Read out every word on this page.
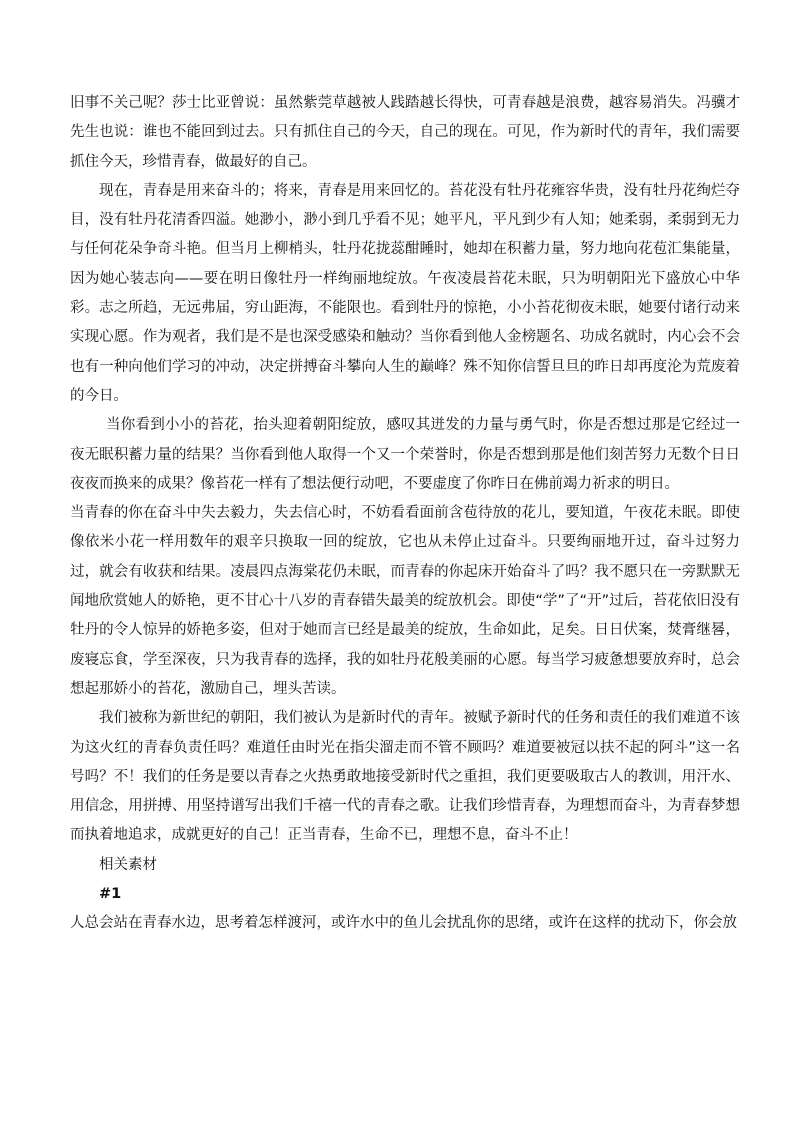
旧事不关己呢？莎士比亚曾说：虽然紫莞草越被人践踏越长得快，可青春越是浪费，越容易消失。冯骥才先生也说：谁也不能回到过去。只有抓住自己的今天，自己的现在。可见，作为新时代的青年，我们需要抓住今天，珍惜青春，做最好的自己。

现在，青春是用来奋斗的；将来，青春是用来回忆的。苔花没有牡丹花雍容华贵，没有牡丹花绚烂夺目，没有牡丹花清香四溢。她渺小，渺小到几乎看不见；她平凡，平凡到少有人知；她柔弱，柔弱到无力与任何花朵争奇斗艳。但当月上柳梢头，牡丹花拢蕊酣睡时，她却在积蓄力量，努力地向花苞汇集能量，因为她心装志向——要在明日像牡丹一样绚丽地绽放。午夜凌晨苔花未眠，只为明朝阳光下盛放心中华彩。志之所趋，无远弗届，穷山距海，不能限也。看到牡丹的惊艳，小小苔花彻夜未眠，她要付诸行动来实现心愿。作为观者，我们是不是也深受感染和触动？当你看到他人金榜题名、功成名就时，内心会不会也有一种向他们学习的冲动，决定拼搏奋斗攀向人生的巅峰？殊不知你信誓旦旦的昨日却再度沦为荒废着的今日。

当你看到小小的苔花，抬头迎着朝阳绽放，感叹其迸发的力量与勇气时，你是否想过那是它经过一夜无眠积蓄力量的结果？当你看到他人取得一个又一个荣誉时，你是否想到那是他们刻苦努力无数个日日夜夜而换来的成果？像苔花一样有了想法便行动吧，不要虚度了你昨日在佛前竭力祈求的明日。

当青春的你在奋斗中失去毅力，失去信心时，不妨看看面前含苞待放的花儿，要知道，午夜花未眠。即使像依米小花一样用数年的艰辛只换取一回的绽放，它也从未停止过奋斗。只要绚丽地开过，奋斗过努力过，就会有收获和结果。凌晨四点海棠花仍未眠，而青春的你起床开始奋斗了吗？我不愿只在一旁默默无闻地欣赏她人的娇艳，更不甘心十八岁的青春错失最美的绽放机会。即使“学”了“开”过后，苔花依旧没有牡丹的令人惊异的娇艳多姿，但对于她而言已经是最美的绽放，生命如此，足矣。日日伏案，焚膏继晷，废寝忘食，学至深夜，只为我青春的选择，我的如牡丹花般美丽的心愿。每当学习疲惫想要放弃时，总会想起那娇小的苔花，激励自己，埋头苦读。

我们被称为新世纪的朝阳，我们被认为是新时代的青年。被赋予新时代的任务和责任的我们难道不该为这火红的青春负责任吗？难道任由时光在指尖溜走而不管不顾吗？难道要被冠以扶不起的阿斗”这一名号吗？不！我们的任务是要以青春之火热勇敢地接受新时代之重担，我们更要吸取古人的教训，用汗水、用信念，用拼搏、用坚持谱写出我们千禧一代的青春之歌。让我们珍惜青春，为理想而奋斗，为青春梦想而执着地追求，成就更好的自己！正当青春，生命不已，理想不息，奋斗不止！

相关素材

#1

人总会站在青春水边，思考着怎样渡河，或许水中的鱼儿会扰乱你的思绪，或许在这样的扰动下，你会放
